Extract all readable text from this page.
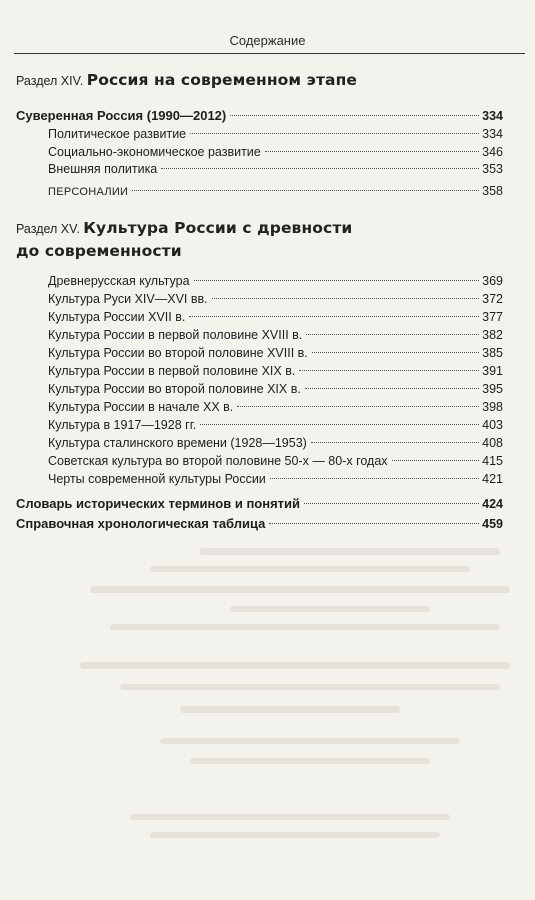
Содержание
Раздел XIV. Россия на современном этапе
Суверенная Россия (1990—2012)	334
Политическое развитие	334
Социально-экономическое развитие	346
Внешняя политика	353
ПЕРСОНАЛИИ	358
Раздел XV. Культура России с древности
до современности
Древнерусская культура	369
Культура Руси XIV—XVI вв.	372
Культура России XVII в.	377
Культура России в первой половине XVIII в.	382
Культура России во второй половине XVIII в.	385
Культура России в первой половине XIX в.	391
Культура России во второй половине XIX в.	395
Культура России в начале XX в.	398
Культура в 1917—1928 гг.	403
Культура сталинского времени (1928—1953)	408
Советская культура во второй половине 50-х — 80-х годах	415
Черты современной культуры России	421
Словарь исторических терминов и понятий	424
Справочная хронологическая таблица	459
